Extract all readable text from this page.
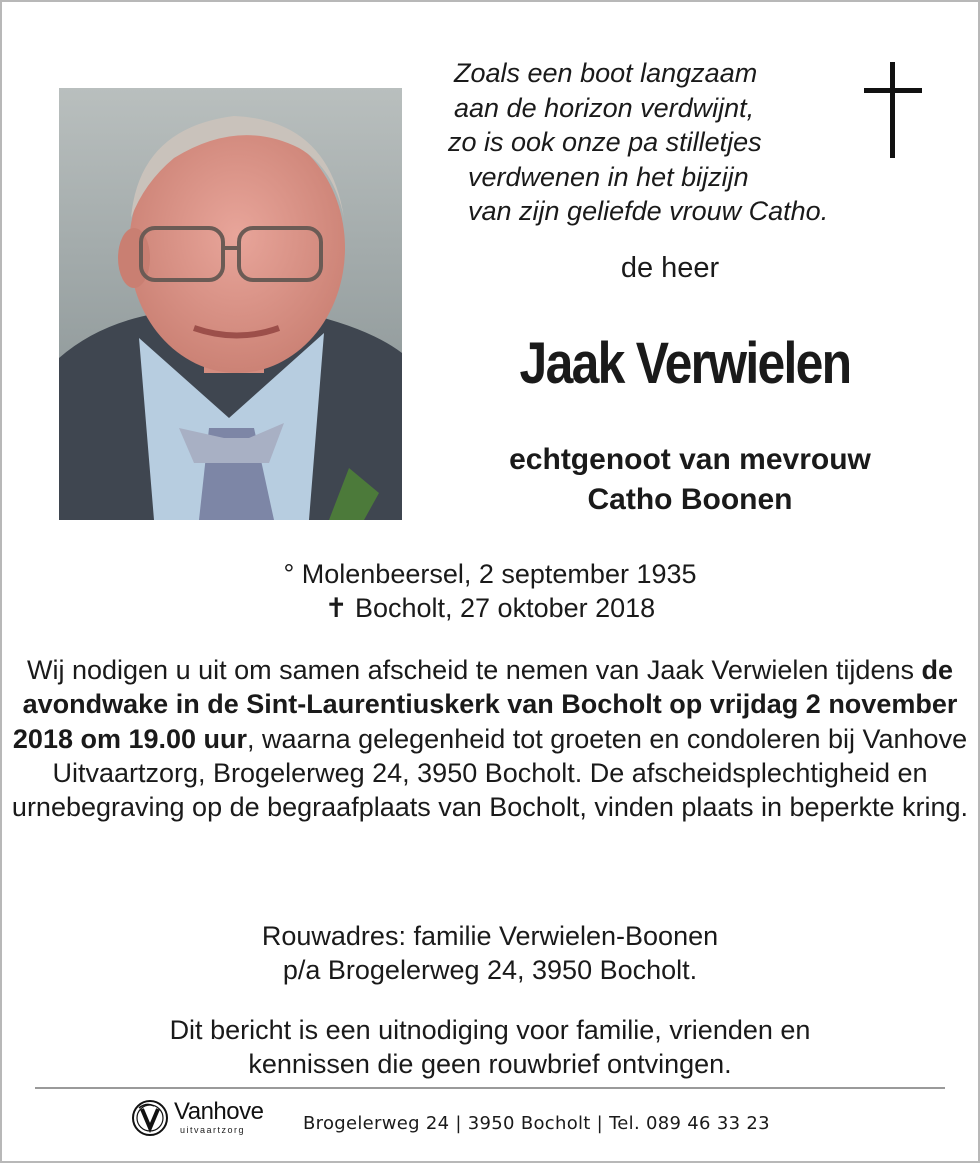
Zoals een boot langzaam
aan de horizon verdwijnt,
zo is ook onze pa stilletjes
verdwenen in het bijzijn
van zijn geliefde vrouw Catho.
de heer
Jaak Verwielen
echtgenoot van mevrouw
Catho Boonen
° Molenbeersel, 2 september 1935
✝ Bocholt, 27 oktober 2018
Wij nodigen u uit om samen afscheid te nemen van Jaak Verwielen tijdens de avondwake in de Sint-Laurentiuskerk van Bocholt op vrijdag 2 november 2018 om 19.00 uur, waarna gelegenheid tot groeten en condoleren bij Vanhove Uitvaartzorg, Brogelerweg 24, 3950 Bocholt. De afscheidsplechtigheid en urnebegraving op de begraafplaats van Bocholt, vinden plaats in beperkte kring.
Rouwadres: familie Verwielen-Boonen
p/a Brogelerweg 24, 3950 Bocholt.
Dit bericht is een uitnodiging voor familie, vrienden en
kennissen die geen rouwbrief ontvingen.
Vanhove
uitvaartzorg	Brogelerweg 24 | 3950 Bocholt | Tel. 089 46 33 23
